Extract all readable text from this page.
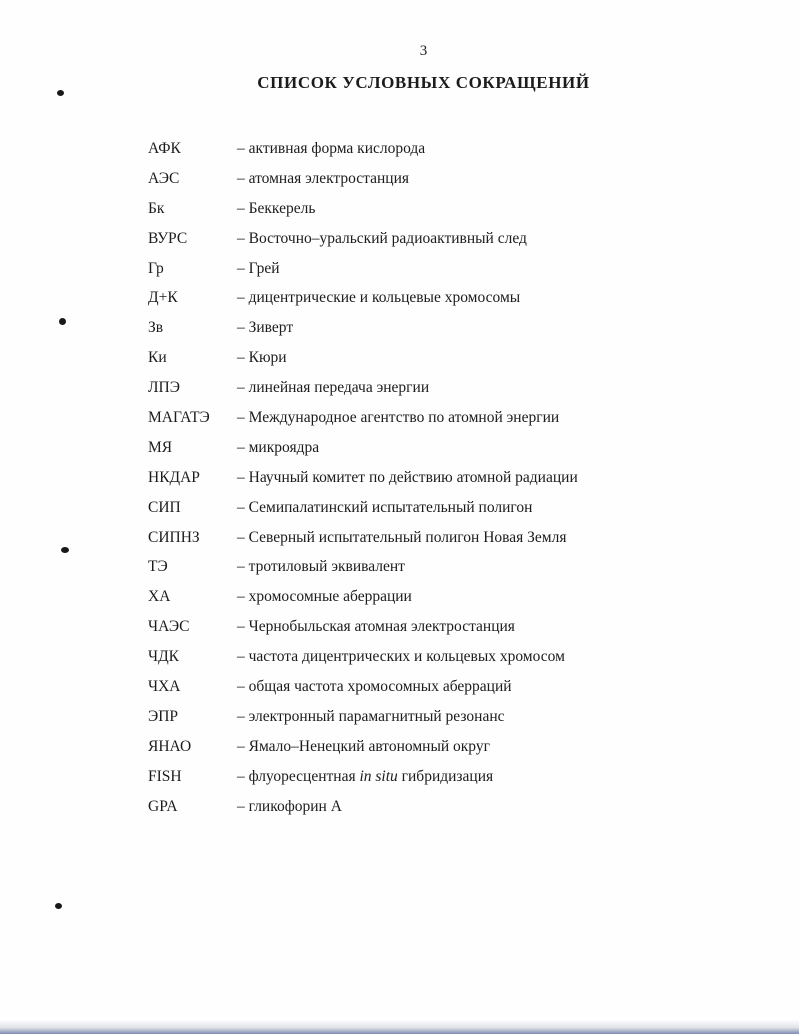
3
СПИСОК УСЛОВНЫХ СОКРАЩЕНИЙ
АФК	– активная форма кислорода
АЭС	– атомная электростанция
Бк	– Беккерель
ВУРС	– Восточно–уральский радиоактивный след
Гр	– Грей
Д+К	– дицентрические и кольцевые хромосомы
Зв	– Зиверт
Ки	– Кюри
ЛПЭ	– линейная передача энергии
МАГАТЭ	– Международное агентство по атомной энергии
МЯ	– микроядра
НКДАР	– Научный комитет по действию атомной радиации
СИП	– Семипалатинский испытательный полигон
СИПНЗ	– Северный испытательный полигон Новая Земля
ТЭ	– тротиловый эквивалент
ХА	– хромосомные аберрации
ЧАЭС	– Чернобыльская атомная электростанция
ЧДК	– частота дицентрических и кольцевых хромосом
ЧХА	– общая частота хромосомных аберраций
ЭПР	– электронный парамагнитный резонанс
ЯНАО	– Ямало–Ненецкий автономный округ
FISH	– флуоресцентная in situ гибридизация
GPA	– гликофорин А
